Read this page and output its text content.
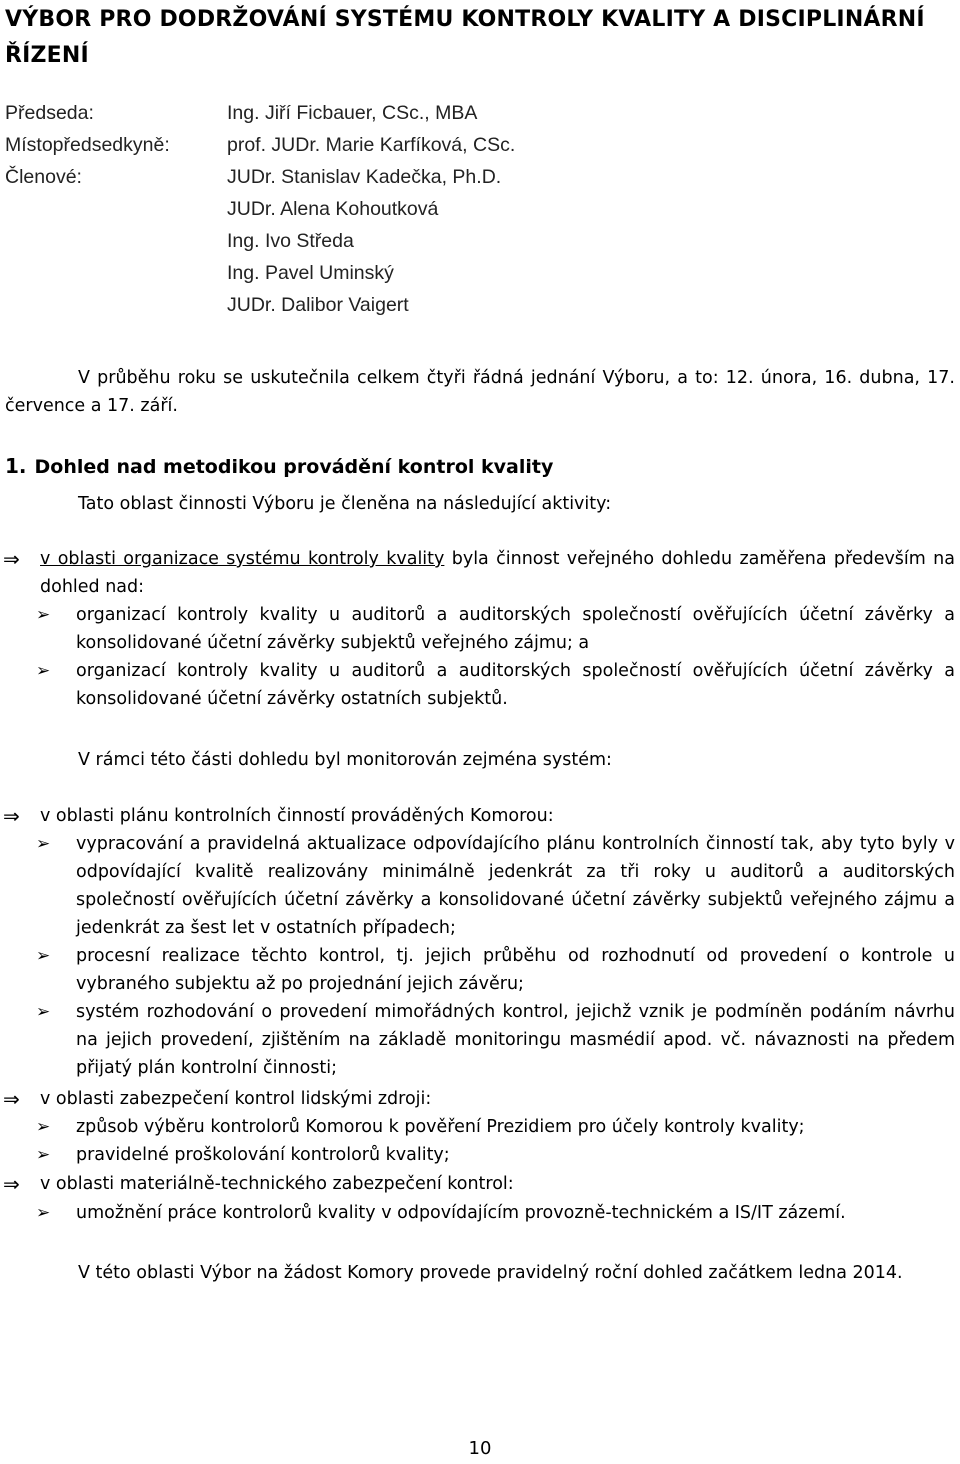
VÝBOR PRO DODRŽOVÁNÍ SYSTÉMU KONTROLY KVALITY A DISCIPLINÁRNÍ ŘÍZENÍ
Předseda:	Ing. Jiří Ficbauer, CSc., MBA
Místopředsedkyně:	prof. JUDr. Marie Karfíková, CSc.
Členové:	JUDr. Stanislav Kadečka, Ph.D.
JUDr. Alena Kohoutková
Ing. Ivo Středa
Ing. Pavel Uminský
JUDr. Dalibor Vaigert
V průběhu roku se uskutečnila celkem čtyři řádná jednání Výboru, a to: 12. února, 16. dubna, 17. července a 17. září.
1. Dohled nad metodikou provádění kontrol kvality
Tato oblast činnosti Výboru je členěna na následující aktivity:
⇒ v oblasti organizace systému kontroly kvality byla činnost veřejného dohledu zaměřena především na dohled nad:
➢ organizací kontroly kvality u auditorů a auditorských společností ověřujících účetní závěrky a konsolidované účetní závěrky subjektů veřejného zájmu; a
➢ organizací kontroly kvality u auditorů a auditorských společností ověřujících účetní závěrky a konsolidované účetní závěrky ostatních subjektů.
V rámci této části dohledu byl monitorován zejména systém:
⇒ v oblasti plánu kontrolních činností prováděných Komorou:
➢ vypracování a pravidelná aktualizace odpovídajícího plánu kontrolních činností tak, aby tyto byly v odpovídající kvalitě realizovány minimálně jedenkrát za tři roky u auditorů a auditorských společností ověřujících účetní závěrky a konsolidované účetní závěrky subjektů veřejného zájmu a jedenkrát za šest let v ostatních případech;
➢ procesní realizace těchto kontrol, tj. jejich průběhu od rozhodnutí od provedení o kontrole u vybraného subjektu až po projednání jejich závěru;
➢ systém rozhodování o provedení mimořádných kontrol, jejichž vznik je podmíněn podáním návrhu na jejich provedení, zjištěním na základě monitoringu masmédií apod. vč. návaznosti na předem přijatý plán kontrolní činnosti;
⇒ v oblasti zabezpečení kontrol lidskými zdroji:
➢ způsob výběru kontrolorů Komorou k pověření Prezidiem pro účely kontroly kvality;
➢ pravidelné proškolování kontrolorů kvality;
⇒ v oblasti materiálně-technického zabezpečení kontrol:
➢ umožnění práce kontrolorů kvality v odpovídajícím provozně-technickém a IS/IT zázemí.
V této oblasti Výbor na žádost Komory provede pravidelný roční dohled začátkem ledna 2014.
10
